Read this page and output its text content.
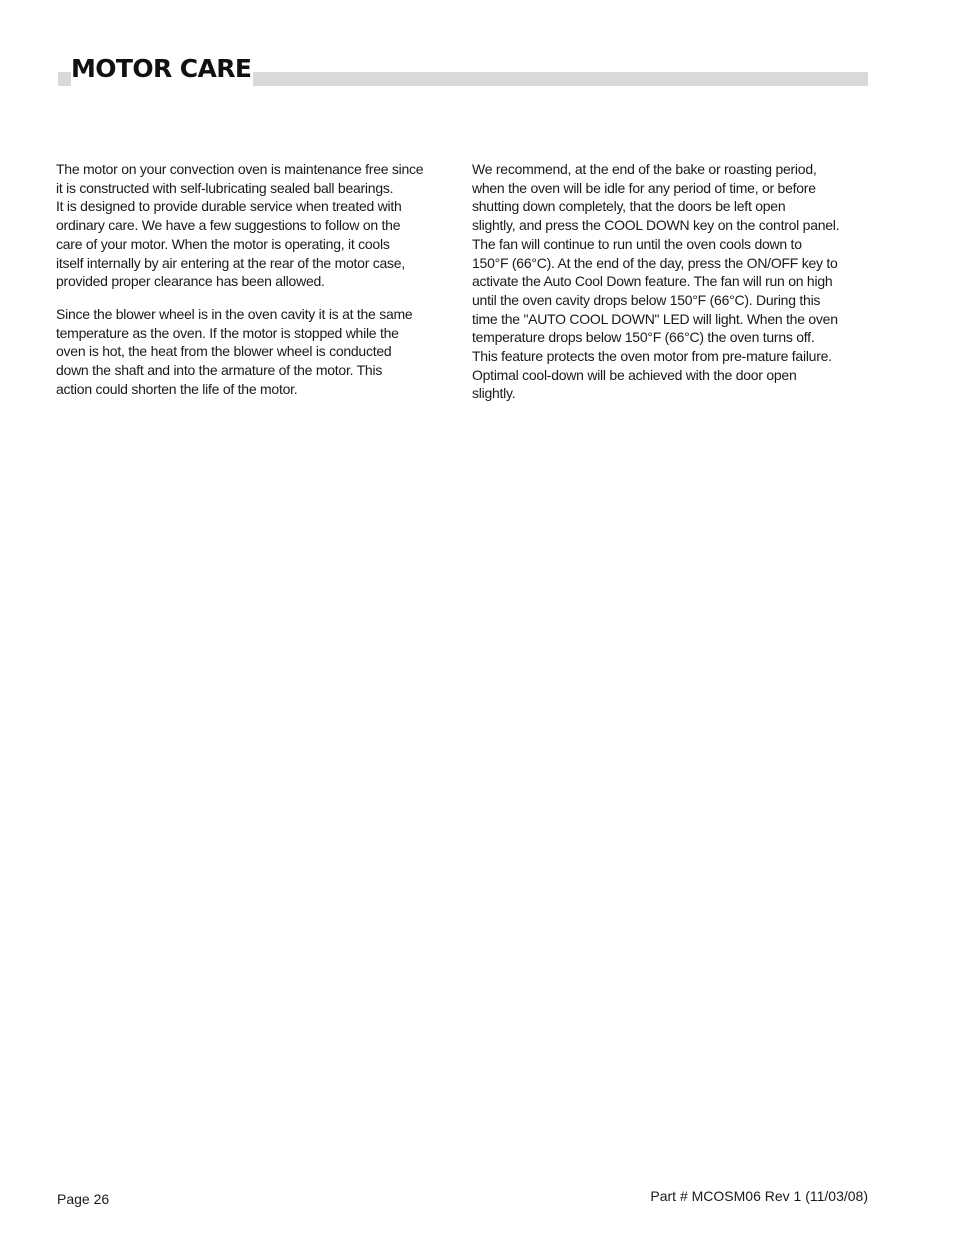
MOTOR CARE

The motor on your convection oven is maintenance free since
it is constructed with self-lubricating sealed ball bearings.
It is designed to provide durable service when treated with
ordinary care. We have a few suggestions to follow on the
care of your motor. When the motor is operating, it cools
itself internally by air entering at the rear of the motor case,
provided proper clearance has been allowed.

Since the blower wheel is in the oven cavity it is at the same
temperature as the oven. If the motor is stopped while the
oven is hot, the heat from the blower wheel is conducted
down the shaft and into the armature of the motor. This
action could shorten the life of the motor.

We recommend, at the end of the bake or roasting period,
when the oven will be idle for any period of time, or before
shutting down completely, that the doors be left open
slightly, and press the COOL DOWN key on the control panel.
The fan will continue to run until the oven cools down to
150°F (66°C). At the end of the day, press the ON/OFF key to
activate the Auto Cool Down feature. The fan will run on high
until the oven cavity drops below 150°F (66°C). During this
time the "AUTO COOL DOWN" LED will light. When the oven
temperature drops below 150°F (66°C) the oven turns off.
This feature protects the oven motor from pre-mature failure.
Optimal cool-down will be achieved with the door open
slightly.

Page 26	Part # MCOSM06 Rev 1 (11/03/08)
